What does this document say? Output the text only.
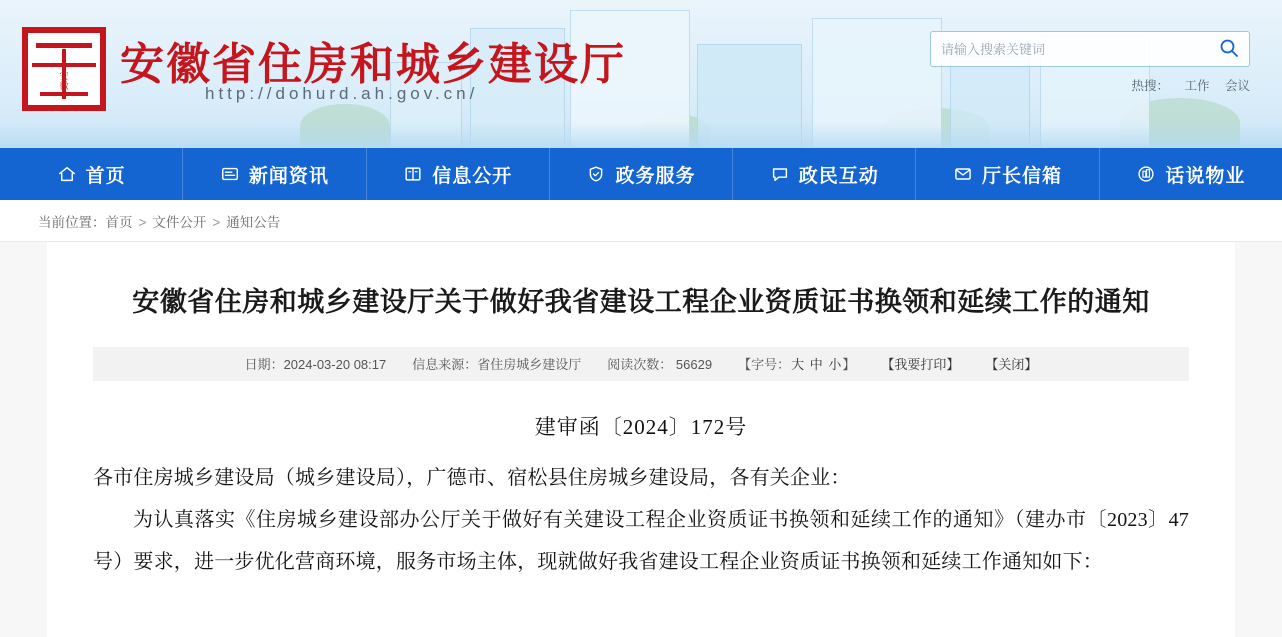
安
徽 安徽省住房和城乡建设厅
http://dohurd.ah.gov.cn/
请输入搜索关键词	热搜： 工作 会议
首页	新闻资讯	信息公开	政务服务	政民互动	厅长信箱	话说物业
当前位置：首页 > 文件公开 > 通知公告
安徽省住房和城乡建设厅关于做好我省建设工程企业资质证书换领和延续工作的通知
日期：2024-03-20 08:17 信息来源：省住房城乡建设厅 阅读次数： 56629 【字号：大 中 小】 【我要打印】 【关闭】
建审函〔2024〕172号

各市住房城乡建设局（城乡建设局），广德市、宿松县住房城乡建设局，各有关企业：

为认真落实《住房城乡建设部办公厅关于做好有关建设工程企业资质证书换领和延续工作的通知》（建办市〔2023〕47号）要求，进一步优化营商环境，服务市场主体，现就做好我省建设工程企业资质证书换领和延续工作通知如下：
